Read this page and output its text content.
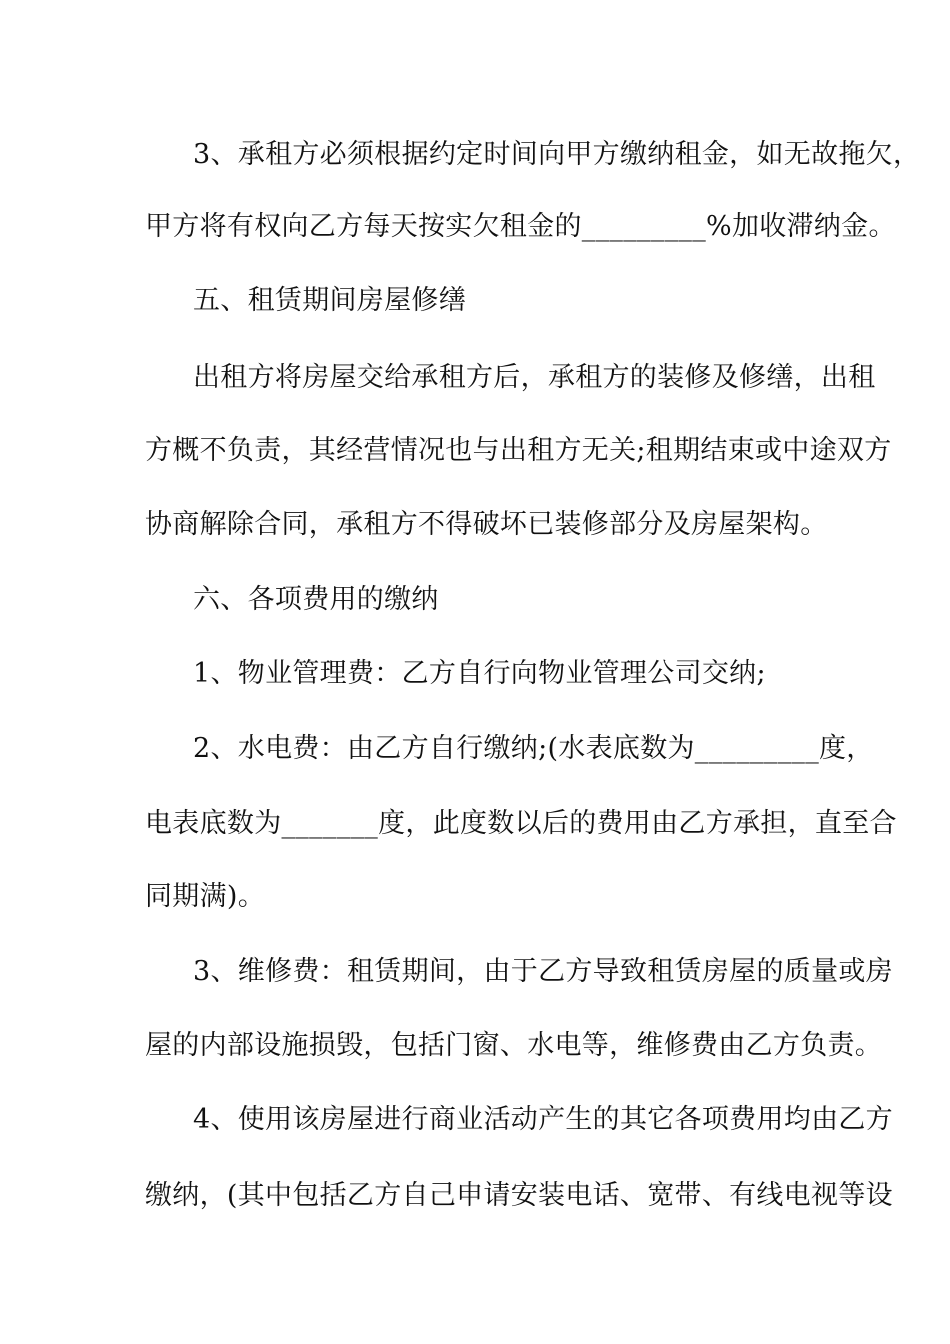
3、承租方必须根据约定时间向甲方缴纳租金，如无故拖欠，
甲方将有权向乙方每天按实欠租金的_________%加收滞纳金。
五、租赁期间房屋修缮
出租方将房屋交给承租方后，承租方的装修及修缮，出租
方概不负责，其经营情况也与出租方无关;租期结束或中途双方
协商解除合同，承租方不得破坏已装修部分及房屋架构。
六、各项费用的缴纳
1、物业管理费：乙方自行向物业管理公司交纳;
2、水电费：由乙方自行缴纳;(水表底数为_________度，
电表底数为_______度，此度数以后的费用由乙方承担，直至合
同期满)。
3、维修费：租赁期间，由于乙方导致租赁房屋的质量或房
屋的内部设施损毁，包括门窗、水电等，维修费由乙方负责。
4、使用该房屋进行商业活动产生的其它各项费用均由乙方
缴纳，(其中包括乙方自己申请安装电话、宽带、有线电视等设
